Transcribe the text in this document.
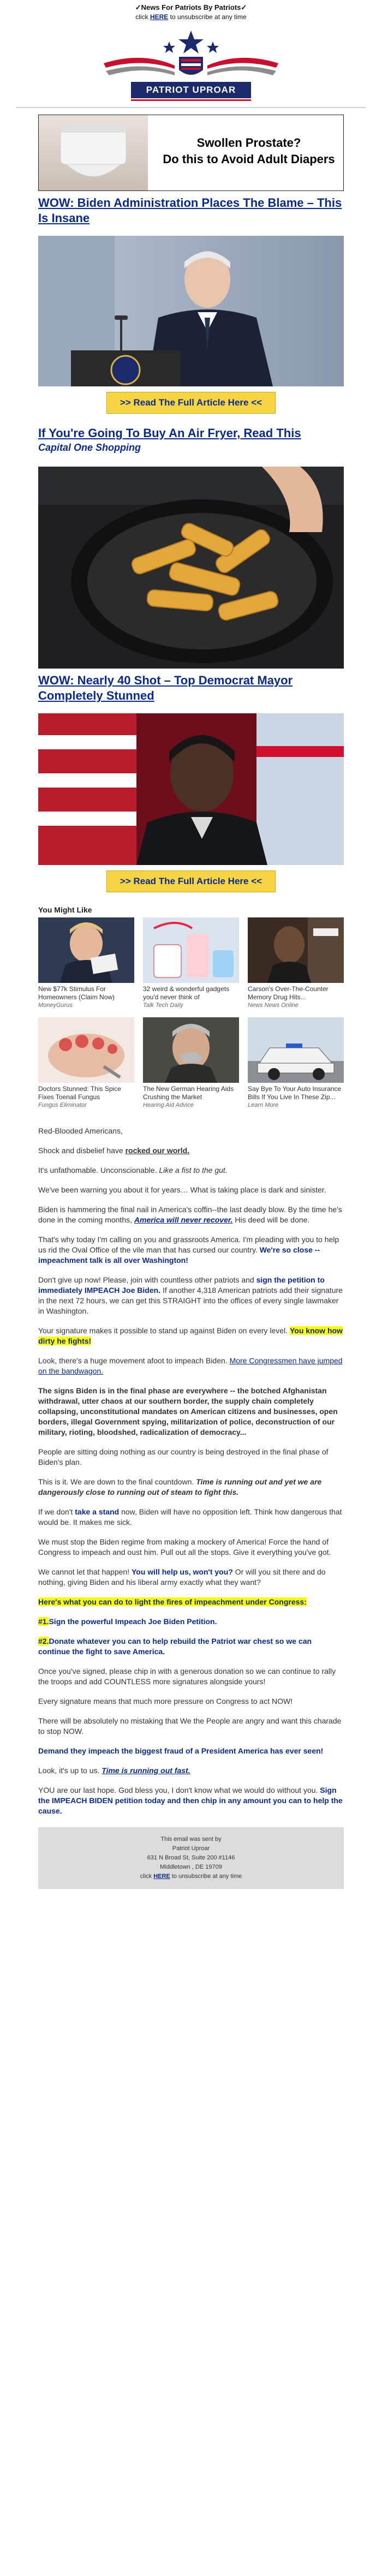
✓News For Patriots By Patriots✓
click HERE to unsubscribe at any time
PATRIOT UPROAR
Swollen Prostate?
Do this to Avoid Adult Diapers
WOW: Biden Administration Places The Blame – This Is Insane
>> Read The Full Article Here <<
If You're Going To Buy An Air Fryer, Read This
Capital One Shopping
WOW: Nearly 40 Shot – Top Democrat Mayor Completely Stunned
>> Read The Full Article Here <<
You Might Like
New $77k Stimulus For Homeowners (Claim Now)
MoneyGurus
32 weird & wonderful gadgets you'd never think of
Talk Tech Daily
Carson's Over-The-Counter Memory Drug Hits...
News News Online
Doctors Stunned: This Spice Fixes Toenail Fungus
Fungus Eliminator
The New German Hearing Aids Crushing the Market
Hearing Aid Advice
Say Bye To Your Auto Insurance Bills If You Live In These Zip...
Learn More

Red-Blooded Americans,

Shock and disbelief have rocked our world.

It's unfathomable. Unconscionable. Like a fist to the gut.

We've been warning you about it for years… What is taking place is dark and sinister.

Biden is hammering the final nail in America's coffin--the last deadly blow. By the time he's done in the coming months, America will never recover. His deed will be done.

That's why today I'm calling on you and grassroots America. I'm pleading with you to help us rid the Oval Office of the vile man that has cursed our country. We're so close -- impeachment talk is all over Washington!

Don't give up now! Please, join with countless other patriots and sign the petition to immediately IMPEACH Joe Biden. If another 4,318 American patriots add their signature in the next 72 hours, we can get this STRAIGHT into the offices of every single lawmaker in Washington.

Your signature makes it possible to stand up against Biden on every level. You know how dirty he fights!

Look, there's a huge movement afoot to impeach Biden. More Congressmen have jumped on the bandwagon.

The signs Biden is in the final phase are everywhere -- the botched Afghanistan withdrawal, utter chaos at our southern border, the supply chain completely collapsing, unconstitutional mandates on American citizens and businesses, open borders, illegal Government spying, militarization of police, deconstruction of our military, rioting, bloodshed, radicalization of democracy...

People are sitting doing nothing as our country is being destroyed in the final phase of Biden's plan.

This is it. We are down to the final countdown. Time is running out and yet we are dangerously close to running out of steam to fight this.

If we don't take a stand now, Biden will have no opposition left. Think how dangerous that would be. It makes me sick.

We must stop the Biden regime from making a mockery of America! Force the hand of Congress to impeach and oust him. Pull out all the stops. Give it everything you've got.

We cannot let that happen! You will help us, won't you? Or will you sit there and do nothing, giving Biden and his liberal army exactly what they want?

Here's what you can do to light the fires of impeachment under Congress:

#1.Sign the powerful Impeach Joe Biden Petition.

#2.Donate whatever you can to help rebuild the Patriot war chest so we can continue the fight to save America.

Once you've signed, please chip in with a generous donation so we can continue to rally the troops and add COUNTLESS more signatures alongside yours!

Every signature means that much more pressure on Congress to act NOW!

There will be absolutely no mistaking that We the People are angry and want this charade to stop NOW.

Demand they impeach the biggest fraud of a President America has ever seen!

Look, it's up to us. Time is running out fast.

YOU are our last hope. God bless you, I don't know what we would do without you. Sign the IMPEACH BIDEN petition today and then chip in any amount you can to help the cause.

This email was sent by
Patriot Uproar
631 N Broad St, Suite 200 #1146
Middletown , DE 19709
click HERE to unsubscribe at any time
